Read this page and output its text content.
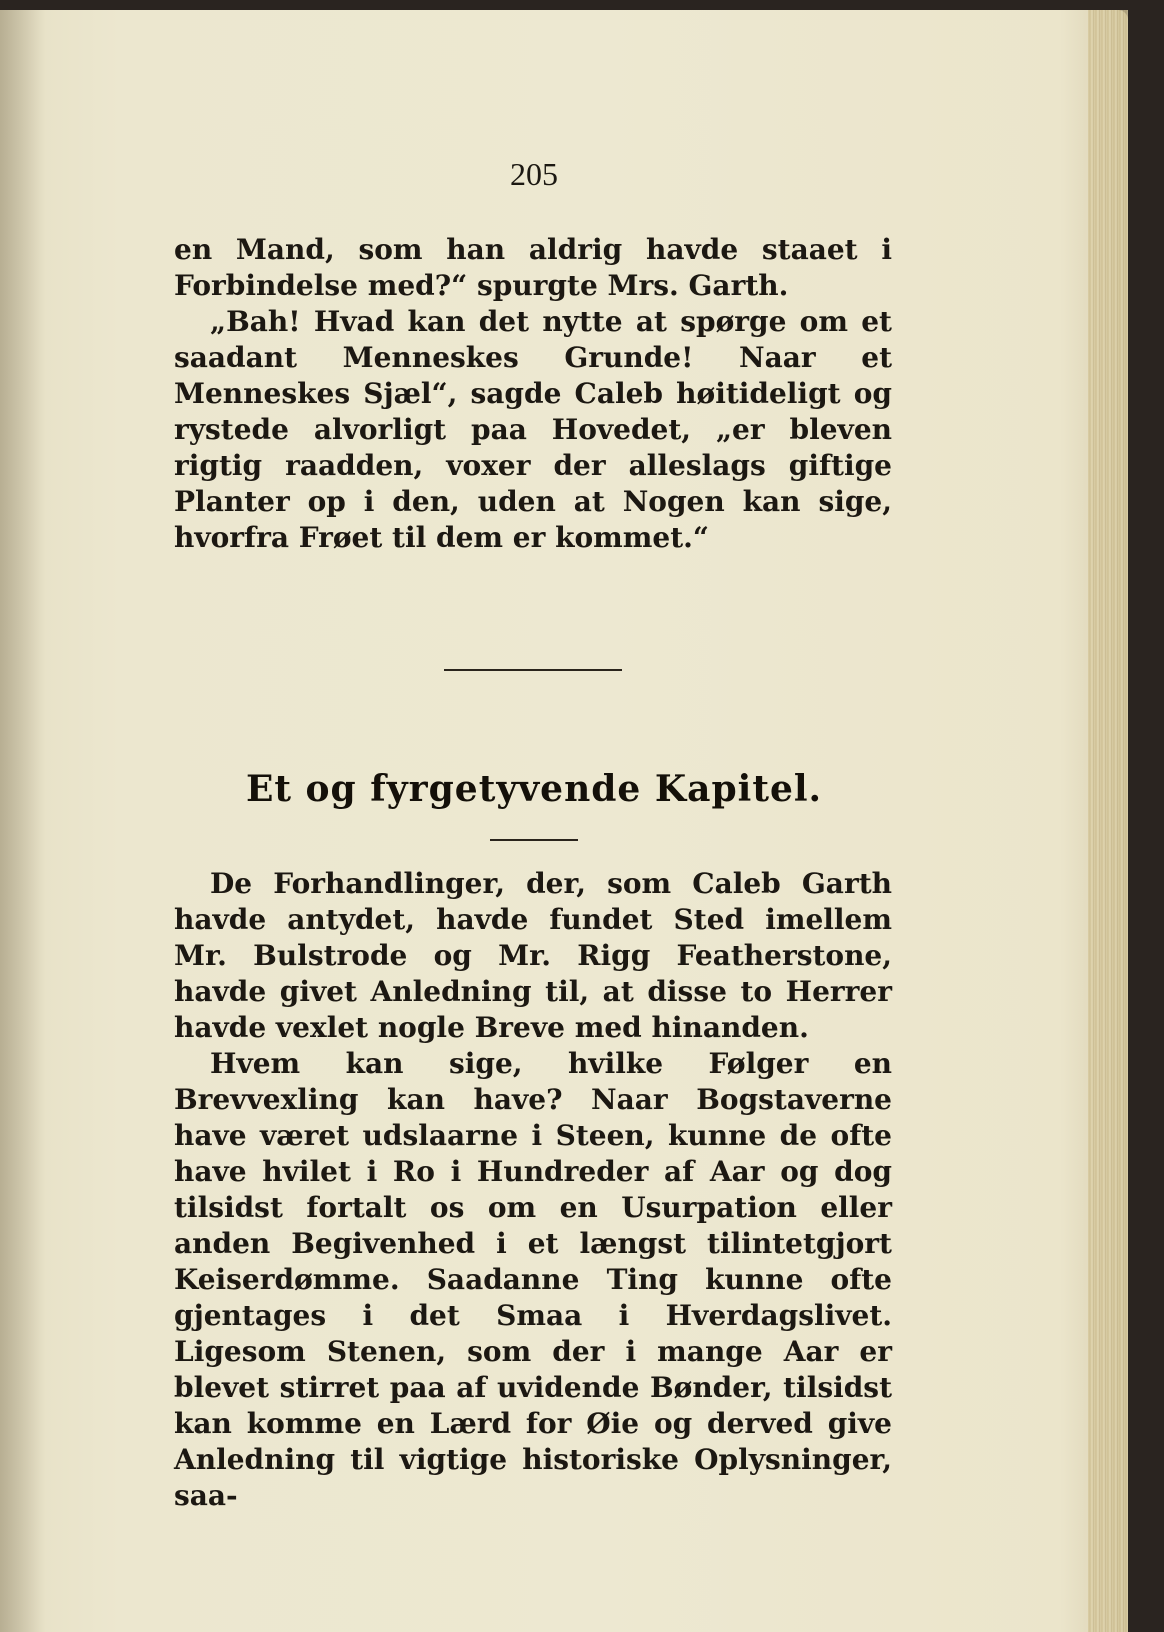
205

en Mand, som han aldrig havde staaet i Forbindelse med?“ spurgte Mrs. Garth.

„Bah! Hvad kan det nytte at spørge om et saadant Menneskes Grunde! Naar et Menneskes Sjæl“, sagde Caleb høitideligt og rystede alvorligt paa Hovedet, „er bleven rigtig raadden, voxer der alleslags giftige Planter op i den, uden at Nogen kan sige, hvorfra Frøet til dem er kommet.“

Et og fyrgetyvende Kapitel.

De Forhandlinger, der, som Caleb Garth havde antydet, havde fundet Sted imellem Mr. Bulstrode og Mr. Rigg Featherstone, havde givet Anledning til, at disse to Herrer havde vexlet nogle Breve med hinanden.

Hvem kan sige, hvilke Følger en Brevvexling kan have? Naar Bogstaverne have været udslaarne i Steen, kunne de ofte have hvilet i Ro i Hundreder af Aar og dog tilsidst fortalt os om en Usurpation eller anden Begivenhed i et længst tilintetgjort Keiserdømme. Saadanne Ting kunne ofte gjentages i det Smaa i Hverdagslivet. Ligesom Stenen, som der i mange Aar er blevet stirret paa af uvidende Bønder, tilsidst kan komme en Lærd for Øie og derved give Anledning til vigtige historiske Oplysninger, saa-
